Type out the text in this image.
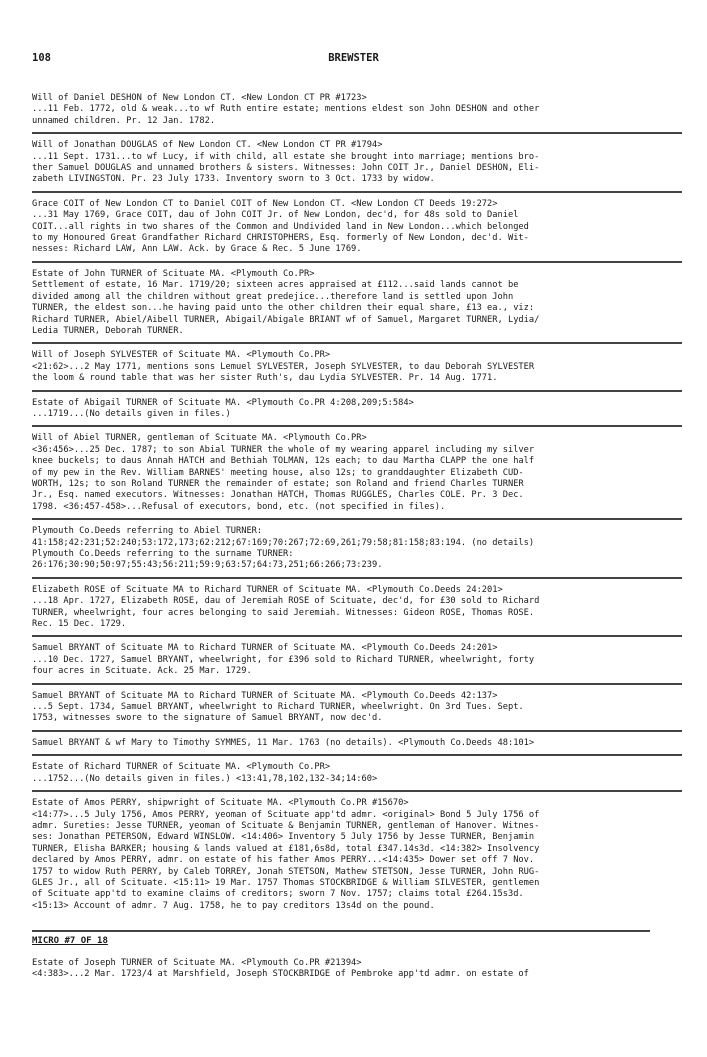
108	BREWSTER

Will of Daniel DESHON of New London CT. <New London CT PR #1723>

...11 Feb. 1772, old & weak...to wf Ruth entire estate; mentions eldest son John DESHON and other

unnamed children. Pr. 12 Jan. 1782.

Will of Jonathan DOUGLAS of New London CT. <New London CT PR #1794>

...11 Sept. 1731...to wf Lucy, if with child, all estate she brought into marriage; mentions bro-

ther Samuel DOUGLAS and unnamed brothers & sisters. Witnesses: John COIT Jr., Daniel DESHON, Eli-

zabeth LIVINGSTON. Pr. 23 July 1733. Inventory sworn to 3 Oct. 1733 by widow.

Grace COIT of New London CT to Daniel COIT of New London CT. <New London CT Deeds 19:272>

...31 May 1769, Grace COIT, dau of John COIT Jr. of New London, dec'd, for 48s sold to Daniel

COIT...all rights in two shares of the Common and Undivided land in New London...which belonged

to my Honoured Great Grandfather Richard CHRISTOPHERS, Esq. formerly of New London, dec'd. Wit-

nesses: Richard LAW, Ann LAW. Ack. by Grace & Rec. 5 June 1769.

Estate of John TURNER of Scituate MA. <Plymouth Co.PR>

Settlement of estate, 16 Mar. 1719/20; sixteen acres appraised at £112...said lands cannot be

divided among all the children without great predejice...therefore land is settled upon John

TURNER, the eldest son...he having paid unto the other children their equal share, £13 ea., viz:

Richard TURNER, Abiel/Aibell TURNER, Abigail/Abigale BRIANT wf of Samuel, Margaret TURNER, Lydia/

Ledia TURNER, Deborah TURNER.

Will of Joseph SYLVESTER of Scituate MA. <Plymouth Co.PR>

<21:62>...2 May 1771, mentions sons Lemuel SYLVESTER, Joseph SYLVESTER, to dau Deborah SYLVESTER

the loom & round table that was her sister Ruth's, dau Lydia SYLVESTER. Pr. 14 Aug. 1771.

Estate of Abigail TURNER of Scituate MA. <Plymouth Co.PR 4:208,209;5:584>

...1719...(No details given in files.)

Will of Abiel TURNER, gentleman of Scituate MA. <Plymouth Co.PR>

<36:456>...25 Dec. 1787; to son Abial TURNER the whole of my wearing apparel including my silver

knee buckels; to daus Annah HATCH and Bethiah TOLMAN, 12s each; to dau Martha CLAPP the one half

of my pew in the Rev. William BARNES' meeting house, also 12s; to granddaughter Elizabeth CUD-

WORTH, 12s; to son Roland TURNER the remainder of estate; son Roland and friend Charles TURNER

Jr., Esq. named executors. Witnesses: Jonathan HATCH, Thomas RUGGLES, Charles COLE. Pr. 3 Dec.

1798. <36:457-458>...Refusal of executors, bond, etc. (not specified in files).

Plymouth Co.Deeds referring to Abiel TURNER:

41:158;42:231;52:240;53:172,173;62:212;67:169;70:267;72:69,261;79:58;81:158;83:194. (no details)

Plymouth Co.Deeds referring to the surname TURNER:

26:176;30:90;50:97;55:43;56:211;59:9;63:57;64:73,251;66:266;73:239.

Elizabeth ROSE of Scituate MA to Richard TURNER of Scituate MA. <Plymouth Co.Deeds 24:201>

...18 Apr. 1727, Elizabeth ROSE, dau of Jeremiah ROSE of Scituate, dec'd, for £30 sold to Richard

TURNER, wheelwright, four acres belonging to said Jeremiah. Witnesses: Gideon ROSE, Thomas ROSE.

Rec. 15 Dec. 1729.

Samuel BRYANT of Scituate MA to Richard TURNER of Scituate MA. <Plymouth Co.Deeds 24:201>

...10 Dec. 1727, Samuel BRYANT, wheelwright, for £396 sold to Richard TURNER, wheelwright, forty

four acres in Scituate. Ack. 25 Mar. 1729.

Samuel BRYANT of Scituate MA to Richard TURNER of Scituate MA. <Plymouth Co.Deeds 42:137>

...5 Sept. 1734, Samuel BRYANT, wheelwright to Richard TURNER, wheelwright. On 3rd Tues. Sept.

1753, witnesses swore to the signature of Samuel BRYANT, now dec'd.

Samuel BRYANT & wf Mary to Timothy SYMMES, 11 Mar. 1763 (no details). <Plymouth Co.Deeds 48:101>

Estate of Richard TURNER of Scituate MA. <Plymouth Co.PR>

...1752...(No details given in files.) <13:41,78,102,132-34;14:60>

Estate of Amos PERRY, shipwright of Scituate MA. <Plymouth Co.PR #15670>

<14:77>...5 July 1756, Amos PERRY, yeoman of Scituate app'td admr. <original> Bond 5 July 1756 of

admr. Sureties: Jesse TURNER, yeoman of Scituate & Benjamin TURNER, gentleman of Hanover. Witnes-

ses: Jonathan PETERSON, Edward WINSLOW. <14:406> Inventory 5 July 1756 by Jesse TURNER, Benjamin

TURNER, Elisha BARKER; housing & lands valued at £181,6s8d, total £347.14s3d. <14:382> Insolvency

declared by Amos PERRY, admr. on estate of his father Amos PERRY...<14:435> Dower set off 7 Nov.

1757 to widow Ruth PERRY, by Caleb TORREY, Jonah STETSON, Mathew STETSON, Jesse TURNER, John RUG-

GLES Jr., all of Scituate. <15:11> 19 Mar. 1757 Thomas STOCKBRIDGE & William SILVESTER, gentlemen

of Scituate app'td to examine claims of creditors; sworn 7 Nov. 1757; claims total £264.15s3d.

<15:13> Account of admr. 7 Aug. 1758, he to pay creditors 13s4d on the pound.

MICRO #7 OF 18

Estate of Joseph TURNER of Scituate MA. <Plymouth Co.PR #21394>

<4:383>...2 Mar. 1723/4 at Marshfield, Joseph STOCKBRIDGE of Pembroke app'td admr. on estate of
